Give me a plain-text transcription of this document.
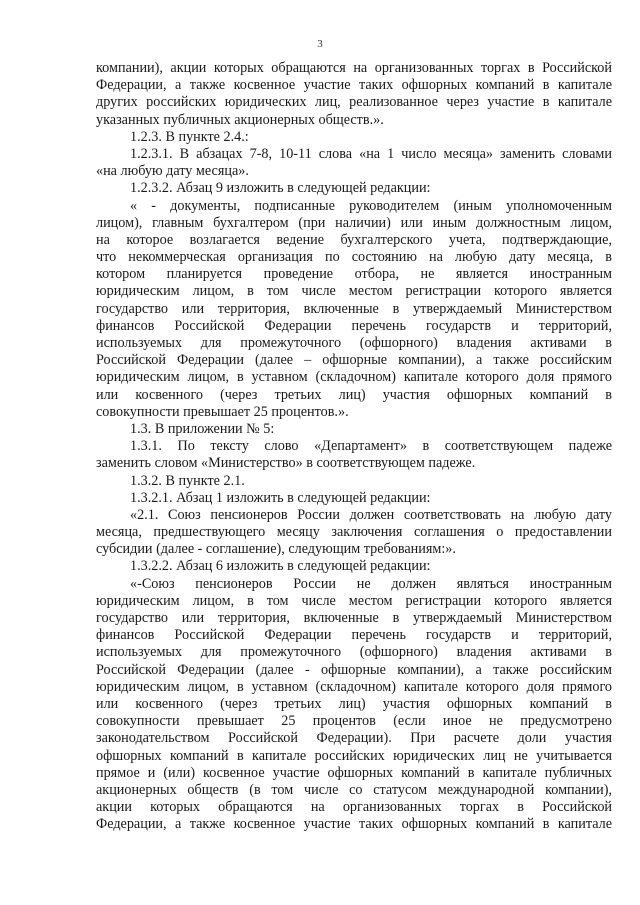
3
компании), акции которых обращаются на организованных торгах в Российской
Федерации, а также косвенное участие таких офшорных компаний в капитале
других российских юридических лиц, реализованное через участие в капитале
указанных публичных акционерных обществ.».
1.2.3. В пункте 2.4.:
1.2.3.1. В абзацах 7-8, 10-11 слова «на 1 число месяца» заменить словами
«на любую дату месяца».
1.2.3.2. Абзац 9 изложить в следующей редакции:
« - документы, подписанные руководителем (иным уполномоченным
лицом), главным бухгалтером (при наличии) или иным должностным лицом,
на которое возлагается ведение бухгалтерского учета, подтверждающие,
что некоммерческая организация по состоянию на любую дату месяца, в
котором планируется проведение отбора, не является иностранным
юридическим лицом, в том числе местом регистрации которого является
государство или территория, включенные в утверждаемый Министерством
финансов Российской Федерации перечень государств и территорий,
используемых для промежуточного (офшорного) владения активами в
Российской Федерации (далее – офшорные компании), а также российским
юридическим лицом, в уставном (складочном) капитале которого доля прямого
или косвенного (через третьих лиц) участия офшорных компаний в
совокупности превышает 25 процентов.».
1.3. В приложении № 5:
1.3.1. По тексту слово «Департамент» в соответствующем падеже
заменить словом «Министерство» в соответствующем падеже.
1.3.2. В пункте 2.1.
1.3.2.1. Абзац 1 изложить в следующей редакции:
«2.1. Союз пенсионеров России должен соответствовать на любую дату
месяца, предшествующего месяцу заключения соглашения о предоставлении
субсидии (далее - соглашение), следующим требованиям:».
1.3.2.2. Абзац 6 изложить в следующей редакции:
«-Союз пенсионеров России не должен являться иностранным
юридическим лицом, в том числе местом регистрации которого является
государство или территория, включенные в утверждаемый Министерством
финансов Российской Федерации перечень государств и территорий,
используемых для промежуточного (офшорного) владения активами в
Российской Федерации (далее - офшорные компании), а также российским
юридическим лицом, в уставном (складочном) капитале которого доля прямого
или косвенного (через третьих лиц) участия офшорных компаний в
совокупности превышает 25 процентов (если иное не предусмотрено
законодательством Российской Федерации). При расчете доли участия
офшорных компаний в капитале российских юридических лиц не учитывается
прямое и (или) косвенное участие офшорных компаний в капитале публичных
акционерных обществ (в том числе со статусом международной компании),
акции которых обращаются на организованных торгах в Российской
Федерации, а также косвенное участие таких офшорных компаний в капитале
